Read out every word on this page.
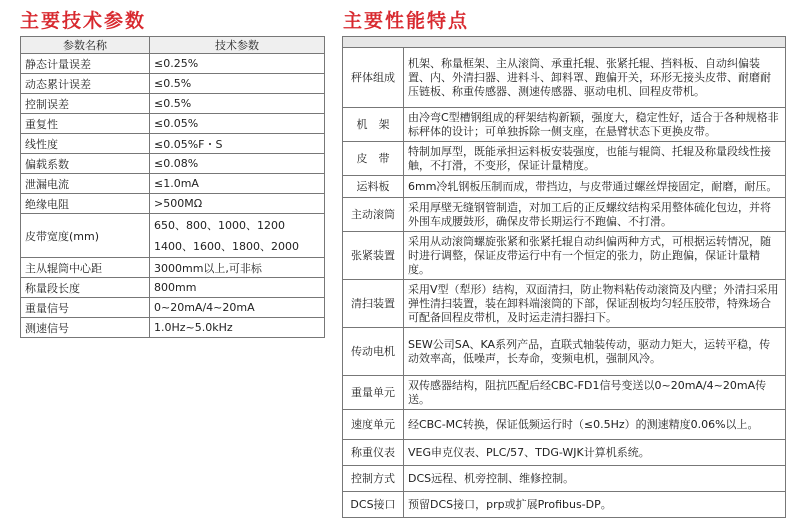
主要技术参数	主要性能特点
参数名称	技术参数
静态计量误差	≤0.25%
动态累计误差	≤0.5%
控制误差	≤0.5%
重复性	≤0.05%
线性度	≤0.05%F・S
偏载系数	≤0.08%
泄漏电流	≤1.0mA
绝缘电阻	>500MΩ
皮带宽度(mm)	650、800、1000、1200
1400、1600、1800、2000

主从辊筒中心距	3000mm以上,可非标
称量段长度	800mm
重量信号	0~20mA/4~20mA
测速信号	1.0Hz~5.0kHz

秤体组成	机架、称量框架、主从滚筒、承重托辊、张紧托辊、挡料板、自动纠偏装置、内、外清扫器、进料斗、卸料罩、跑偏开关，环形无接头皮带、耐磨耐压链板、称重传感器、测速传感器、驱动电机、回程皮带机。
机　架	由冷弯C型槽钢组成的秤架结构新颖，强度大，稳定性好，适合于各种规格非标秤体的设计；可单独拆除一侧支座，在悬臂状态下更换皮带。
皮　带	特制加厚型，既能承担运料板安装强度，也能与辊筒、托辊及称量段线性接触，不打滑，不变形，保证计量精度。
运料板	6mm冷轧钢板压制而成，带挡边，与皮带通过螺丝焊接固定，耐磨，耐压。
主动滚筒	采用厚壁无缝钢管制造，对加工后的正反螺纹结构采用整体硫化包边，并将外围车成腰鼓形，确保皮带长期运行不跑偏、不打滑。
张紧装置	采用从动滚筒螺旋张紧和张紧托辊自动纠偏两种方式，可根据运转情况，随时进行调整，保证皮带运行中有一个恒定的张力，防止跑偏，保证计量精度。
清扫装置	采用V型（犁形）结构，双面清扫，防止物料粘传动滚筒及内壁；外清扫采用弹性清扫装置，装在卸料端滚筒的下部，保证刮板均匀轻压胶带，特殊场合可配备回程皮带机，及时运走清扫器扫下。
传动电机	SEW公司SA、KA系列产品，直联式轴装传动，驱动力矩大，运转平稳，传动效率高，低噪声，长寿命，变频电机，强制风冷。
重量单元	双传感器结构，阻抗匹配后经CBC-FD1信号变送以0~20mA/4~20mA传送。
速度单元	经CBC-MC转换，保证低频运行时（≤0.5Hz）的测速精度0.06%以上。
称重仪表	VEG申克仪表、PLC/57、TDG-WJK计算机系统。
控制方式	DCS远程、机旁控制、维修控制。
DCS接口	预留DCS接口，prp或扩展Profibus-DP。
